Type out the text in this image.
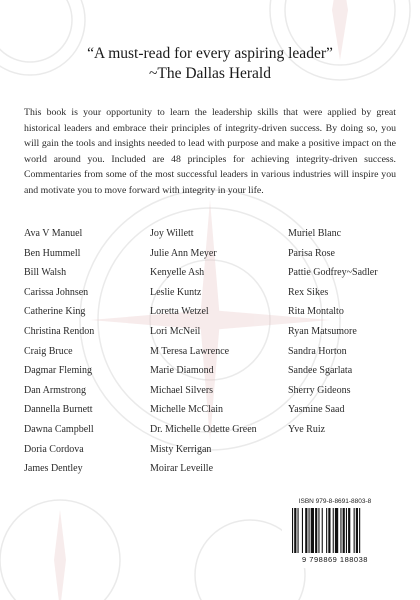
“A must-read for every aspiring leader”
~The Dallas Herald
This book is your opportunity to learn the leadership skills that were applied by great historical leaders and embrace their principles of integrity-driven success. By doing so, you will gain the tools and insights needed to lead with purpose and make a positive impact on the world around you. Included are 48 principles for achieving integrity-driven success. Commentaries from some of the most successful leaders in various industries will inspire you and motivate you to move forward with integrity in your life.
Ava V Manuel
Ben Hummell
Bill Walsh
Carissa Johnsen
Catherine King
Christina Rendon
Craig Bruce
Dagmar Fleming
Dan Armstrong
Dannella Burnett
Dawna Campbell
Doria Cordova
James Dentley
Joy Willett
Julie Ann Meyer
Kenyelle Ash
Leslie Kuntz
Loretta Wetzel
Lori McNeil
M Teresa Lawrence
Marie Diamond
Michael Silvers
Michelle McClain
Dr. Michelle Odette Green
Misty Kerrigan
Moirar Leveille
Muriel Blanc
Parisa Rose
Pattie Godfrey~Sadler
Rex Sikes
Rita Montalto
Ryan Matsumore
Sandra Horton
Sandee Sgarlata
Sherry Gideons
Yasmine Saad
Yve Ruiz
ISBN 979-8-8691-8803-8
9 798869 188038
